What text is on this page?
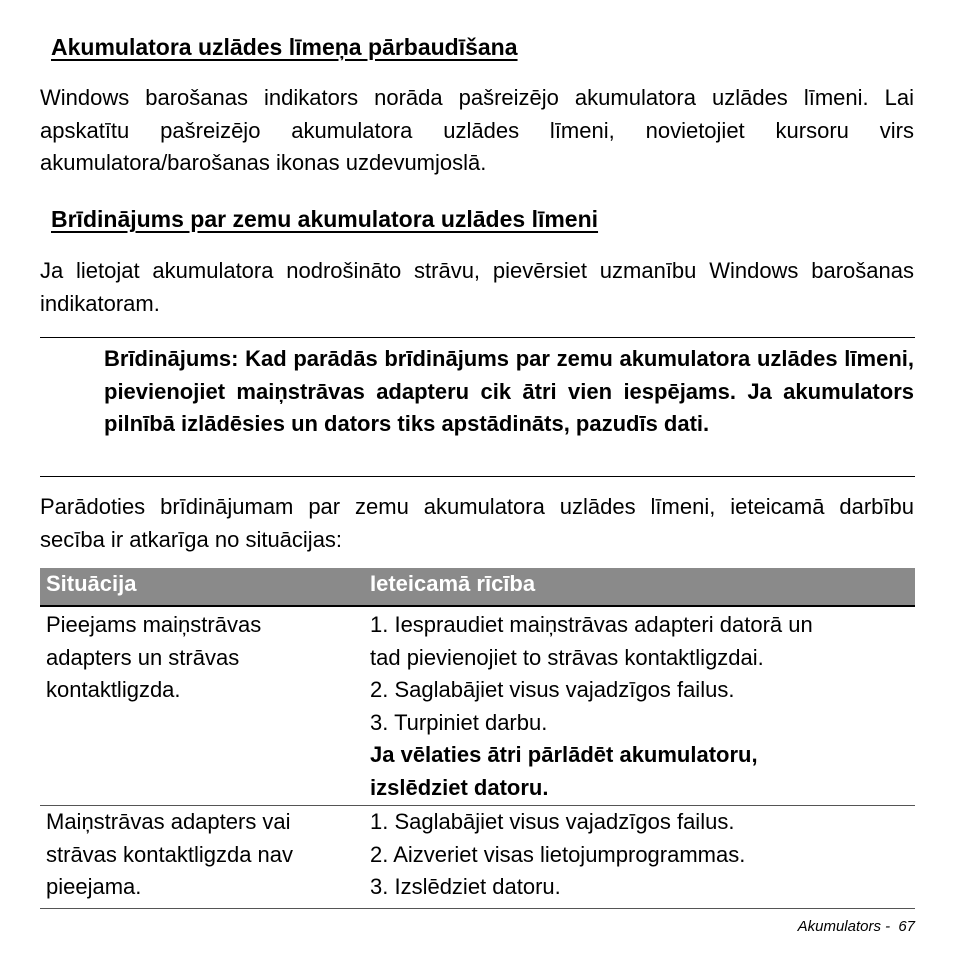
Akumulatora uzlādes līmeņa pārbaudīšana

Windows barošanas indikators norāda pašreizējo akumulatora uzlādes līmeni. Lai apskatītu pašreizējo akumulatora uzlādes līmeni, novietojiet kursoru virs akumulatora/barošanas ikonas uzdevumjoslā.

Brīdinājums par zemu akumulatora uzlādes līmeni

Ja lietojat akumulatora nodrošināto strāvu, pievērsiet uzmanību Windows barošanas indikatoram.

Brīdinājums: Kad parādās brīdinājums par zemu akumulatora uzlādes līmeni, pievienojiet maiņstrāvas adapteru cik ātri vien iespējams. Ja akumulators pilnībā izlādēsies un dators tiks apstādināts, pazudīs dati.

Parādoties brīdinājumam par zemu akumulatora uzlādes līmeni, ieteicamā darbību secība ir atkarīga no situācijas:

Situācija	Ieteicamā rīcība
Pieejams maiņstrāvas
adapters un strāvas
kontaktligzda.
1. Iespraudiet maiņstrāvas adapteri datorā un
tad pievienojiet to strāvas kontaktligzdai.
2. Saglabājiet visus vajadzīgos failus.
3. Turpiniet darbu.
Ja vēlaties ātri pārlādēt akumulatoru,
izslēdziet datoru.
Maiņstrāvas adapters vai
strāvas kontaktligzda nav
pieejama.
1. Saglabājiet visus vajadzīgos failus.
2. Aizveriet visas lietojumprogrammas.
3. Izslēdziet datoru.
Akumulators - 67
